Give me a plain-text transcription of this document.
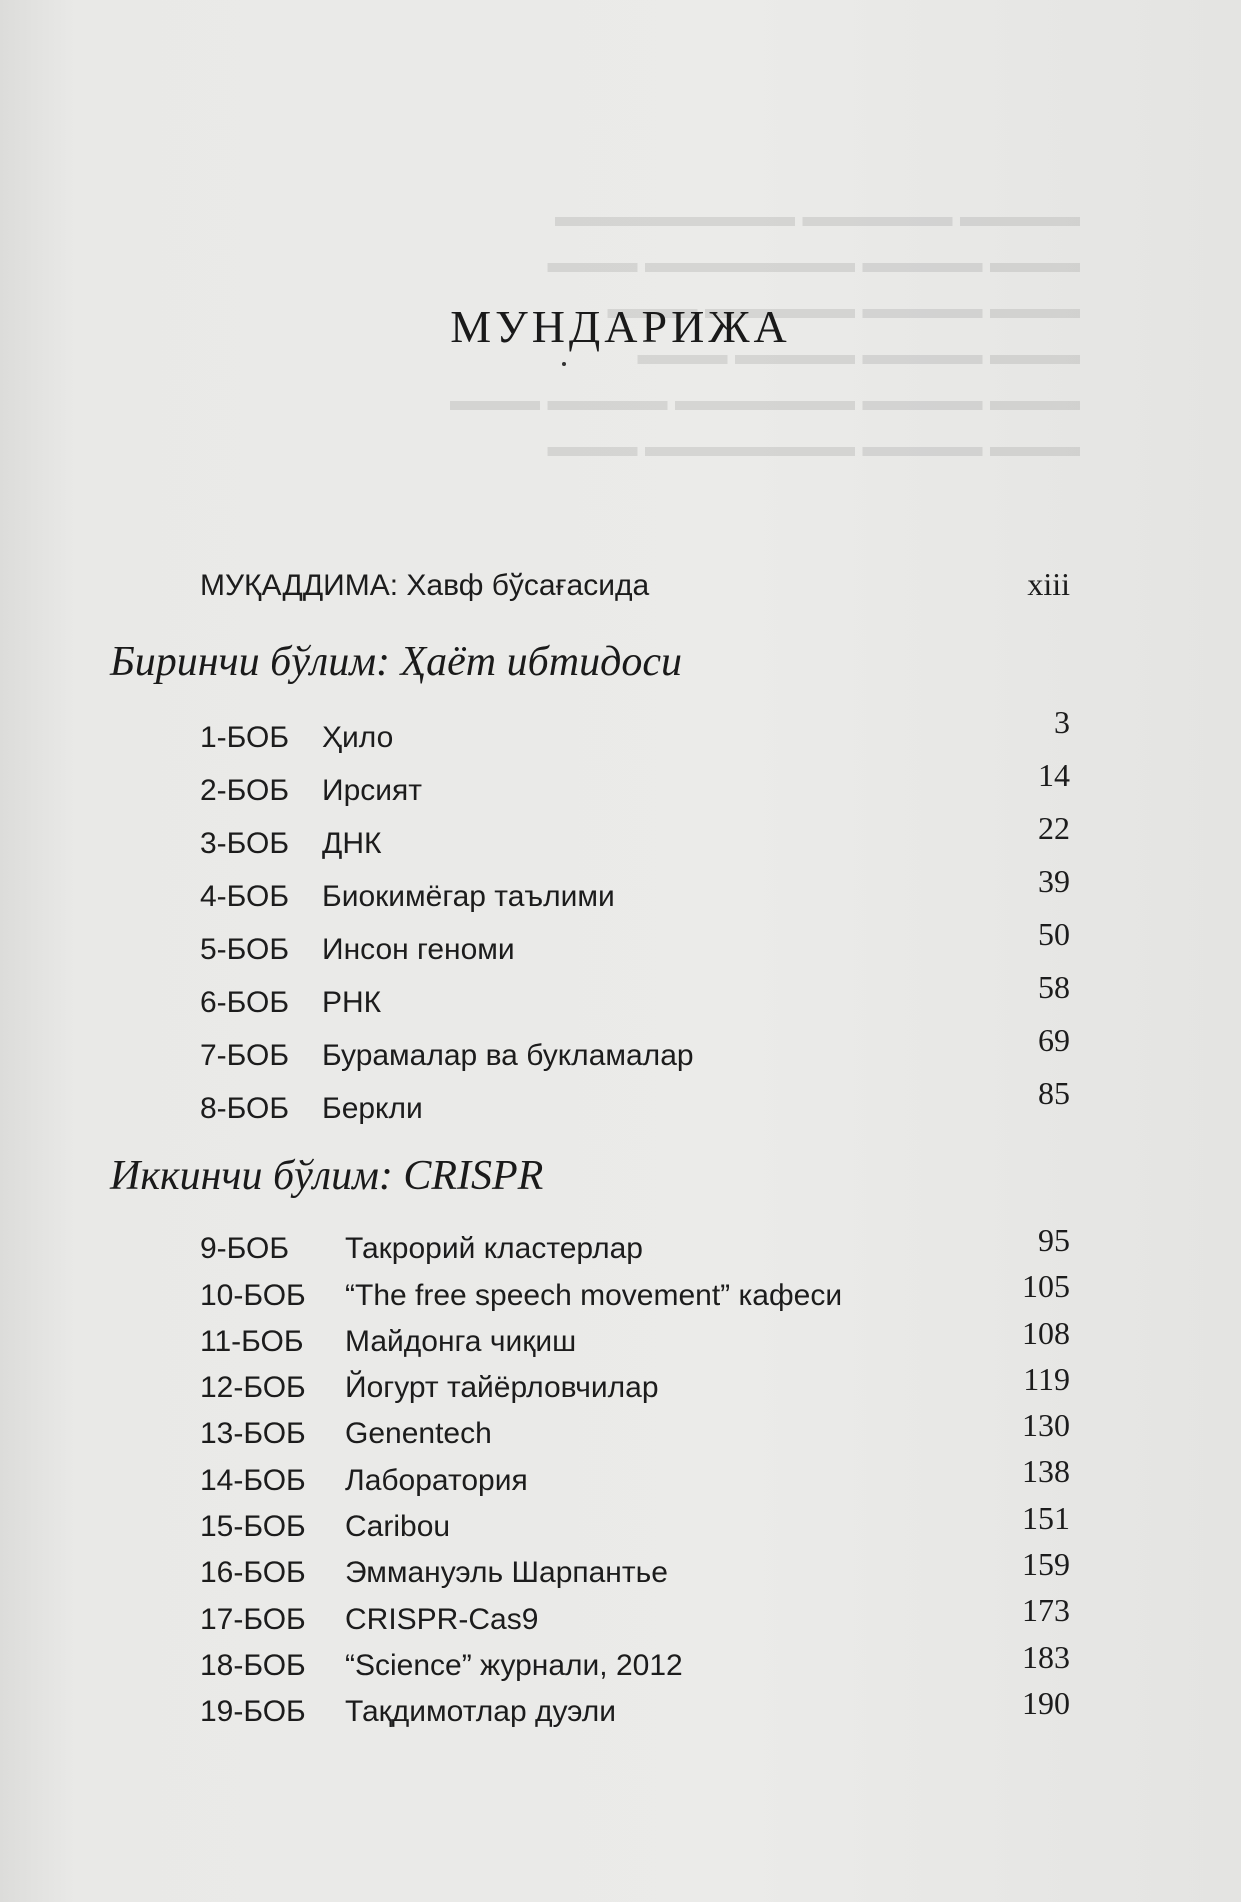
▬▬▬▬ ▬▬▬▬▬ ▬▬▬▬▬▬▬▬
▬▬▬ ▬▬▬▬ ▬▬▬▬▬▬▬ ▬▬▬
▬▬▬ ▬▬▬▬ ▬▬▬▬▬ ▬▬▬
▬▬▬ ▬▬▬▬ ▬▬▬▬ ▬▬▬
▬▬▬ ▬▬▬▬ ▬▬▬▬▬▬ ▬▬▬▬ ▬▬▬
▬▬▬ ▬▬▬▬ ▬▬▬▬▬▬▬ ▬▬▬
МУНДАРИЖА
МУҚАДДИМА: Хавф бўсағасида	xiii
Биринчи бўлим: Ҳаёт ибтидоси
1-БОБ Ҳило	3
2-БОБ Ирсият	14
3-БОБ ДНК	22
4-БОБ Биокимёгар таълими	39
5-БОБ Инсон геноми	50
6-БОБ РНК	58
7-БОБ Бурамалар ва букламалар	69
8-БОБ Беркли	85
Иккинчи бўлим: CRISPR
9-БОБ Такрорий кластерлар	95
10-БОБ “The free speech movement” кафеси	105
11-БОБ Майдонга чиқиш	108
12-БОБ Йогурт тайёрловчилар	119
13-БОБ Genentech	130
14-БОБ Лаборатория	138
15-БОБ Caribou	151
16-БОБ Эммануэль Шарпантье	159
17-БОБ CRISPR-Cas9	173
18-БОБ “Science” журнали, 2012	183
19-БОБ Тақдимотлар дуэли	190
